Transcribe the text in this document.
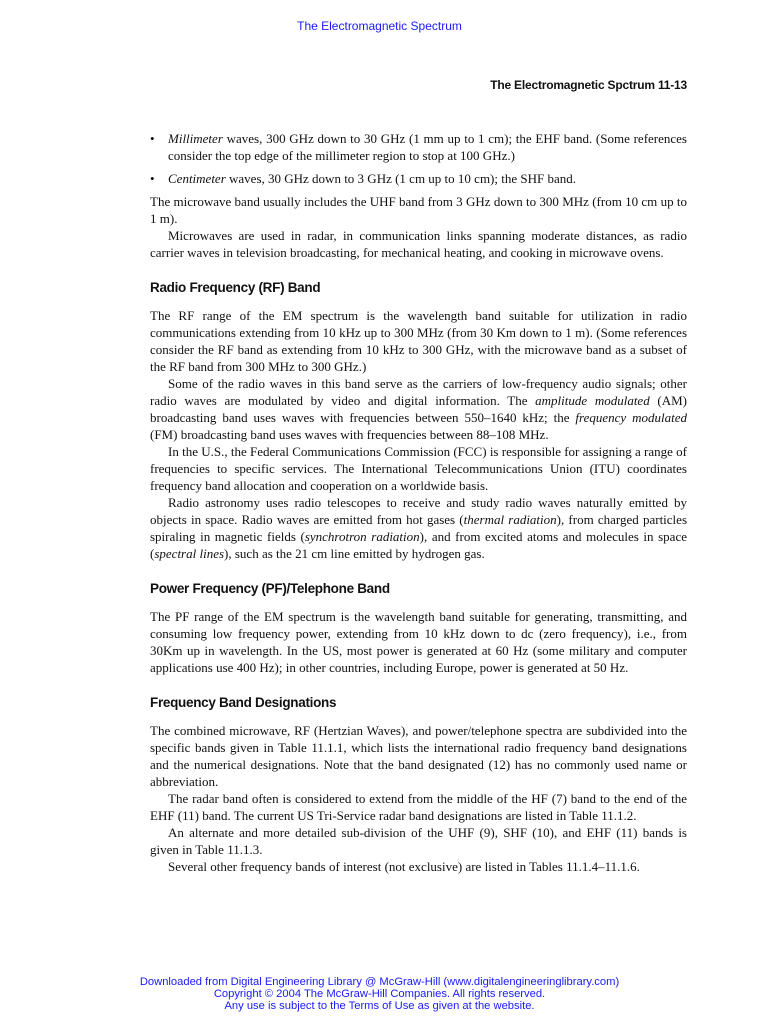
The Electromagnetic Spectrum
The Electromagnetic Spctrum 11-13
• Millimeter waves, 300 GHz down to 30 GHz (1 mm up to 1 cm); the EHF band. (Some references consider the top edge of the millimeter region to stop at 100 GHz.)
• Centimeter waves, 30 GHz down to 3 GHz (1 cm up to 10 cm); the SHF band.

The microwave band usually includes the UHF band from 3 GHz down to 300 MHz (from 10 cm up to 1 m).

Microwaves are used in radar, in communication links spanning moderate distances, as radio carrier waves in television broadcasting, for mechanical heating, and cooking in microwave ovens.

Radio Frequency (RF) Band

The RF range of the EM spectrum is the wavelength band suitable for utilization in radio communications extending from 10 kHz up to 300 MHz (from 30 Km down to 1 m). (Some references consider the RF band as extending from 10 kHz to 300 GHz, with the microwave band as a subset of the RF band from 300 MHz to 300 GHz.)

Some of the radio waves in this band serve as the carriers of low-frequency audio signals; other radio waves are modulated by video and digital information. The amplitude modulated (AM) broadcasting band uses waves with frequencies between 550–1640 kHz; the frequency modulated (FM) broadcasting band uses waves with frequencies between 88–108 MHz.

In the U.S., the Federal Communications Commission (FCC) is responsible for assigning a range of frequencies to specific services. The International Telecommunications Union (ITU) coordinates frequency band allocation and cooperation on a worldwide basis.

Radio astronomy uses radio telescopes to receive and study radio waves naturally emitted by objects in space. Radio waves are emitted from hot gases (thermal radiation), from charged particles spiraling in magnetic fields (synchrotron radiation), and from excited atoms and molecules in space (spectral lines), such as the 21 cm line emitted by hydrogen gas.

Power Frequency (PF)/Telephone Band

The PF range of the EM spectrum is the wavelength band suitable for generating, transmitting, and consuming low frequency power, extending from 10 kHz down to dc (zero frequency), i.e., from 30Km up in wavelength. In the US, most power is generated at 60 Hz (some military and computer applications use 400 Hz); in other countries, including Europe, power is generated at 50 Hz.

Frequency Band Designations

The combined microwave, RF (Hertzian Waves), and power/telephone spectra are subdivided into the specific bands given in Table 11.1.1, which lists the international radio frequency band designations and the numerical designations. Note that the band designated (12) has no commonly used name or abbreviation.

The radar band often is considered to extend from the middle of the HF (7) band to the end of the EHF (11) band. The current US Tri-Service radar band designations are listed in Table 11.1.2.

An alternate and more detailed sub-division of the UHF (9), SHF (10), and EHF (11) bands is given in Table 11.1.3.

Several other frequency bands of interest (not exclusive) are listed in Tables 11.1.4–11.1.6.

Downloaded from Digital Engineering Library @ McGraw-Hill (www.digitalengineeringlibrary.com)
Copyright © 2004 The McGraw-Hill Companies. All rights reserved.
Any use is subject to the Terms of Use as given at the website.
